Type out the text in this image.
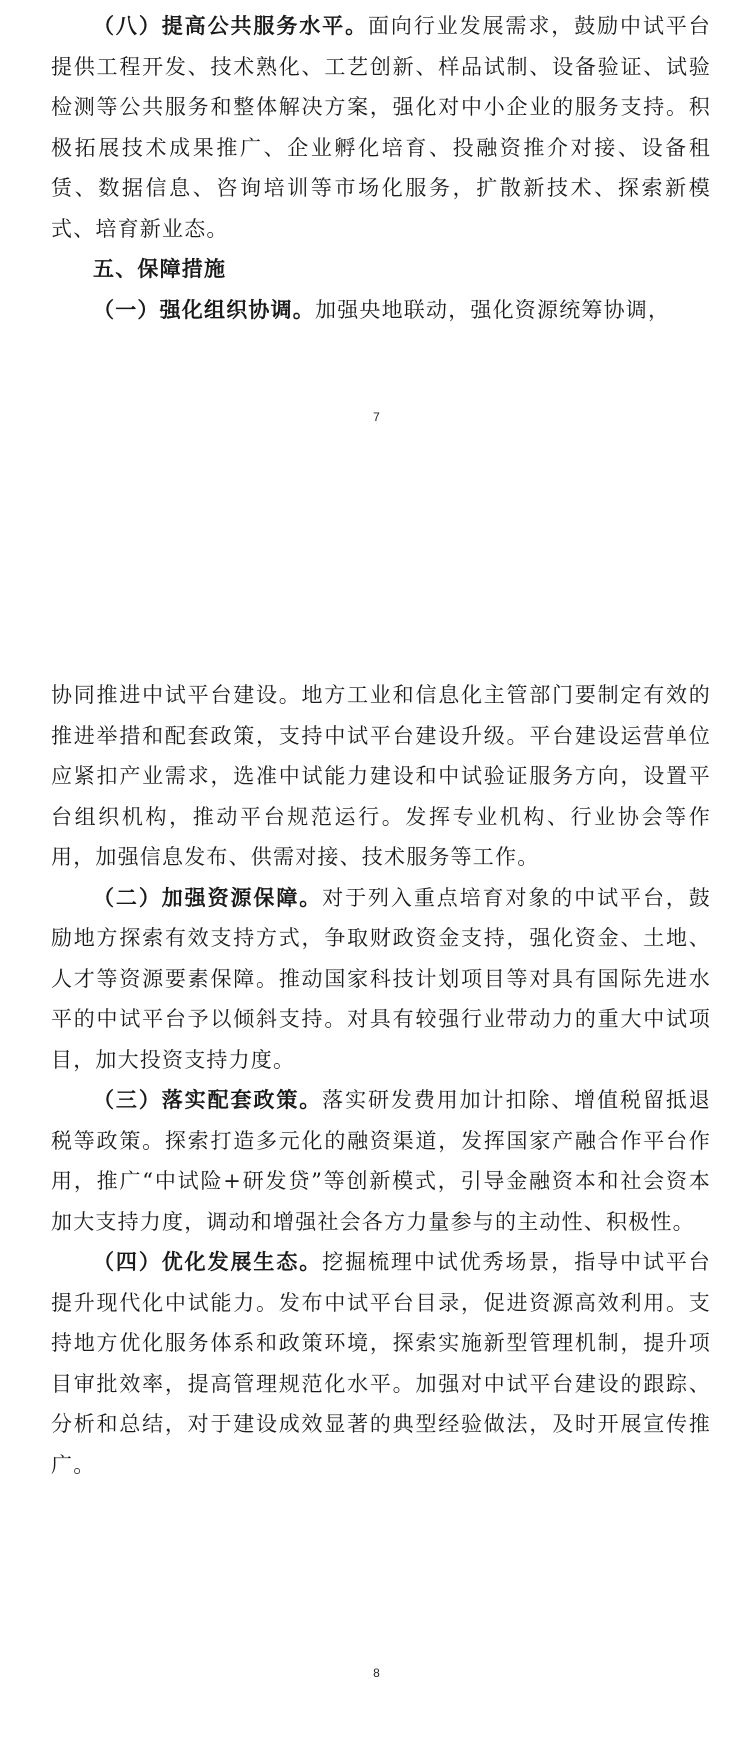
（八）提高公共服务水平。面向行业发展需求，鼓励中试平台提供工程开发、技术熟化、工艺创新、样品试制、设备验证、试验检测等公共服务和整体解决方案，强化对中小企业的服务支持。积极拓展技术成果推广、企业孵化培育、投融资推介对接、设备租赁、数据信息、咨询培训等市场化服务，扩散新技术、探索新模式、培育新业态。

五、保障措施

（一）强化组织协调。加强央地联动，强化资源统筹协调，

7

协同推进中试平台建设。地方工业和信息化主管部门要制定有效的推进举措和配套政策，支持中试平台建设升级。平台建设运营单位应紧扣产业需求，选准中试能力建设和中试验证服务方向，设置平台组织机构，推动平台规范运行。发挥专业机构、行业协会等作用，加强信息发布、供需对接、技术服务等工作。

（二）加强资源保障。对于列入重点培育对象的中试平台，鼓励地方探索有效支持方式，争取财政资金支持，强化资金、土地、人才等资源要素保障。推动国家科技计划项目等对具有国际先进水平的中试平台予以倾斜支持。对具有较强行业带动力的重大中试项目，加大投资支持力度。

（三）落实配套政策。落实研发费用加计扣除、增值税留抵退税等政策。探索打造多元化的融资渠道，发挥国家产融合作平台作用，推广“中试险+研发贷”等创新模式，引导金融资本和社会资本加大支持力度，调动和增强社会各方力量参与的主动性、积极性。

（四）优化发展生态。挖掘梳理中试优秀场景，指导中试平台提升现代化中试能力。发布中试平台目录，促进资源高效利用。支持地方优化服务体系和政策环境，探索实施新型管理机制，提升项目审批效率，提高管理规范化水平。加强对中试平台建设的跟踪、分析和总结，对于建设成效显著的典型经验做法，及时开展宣传推广。

8
